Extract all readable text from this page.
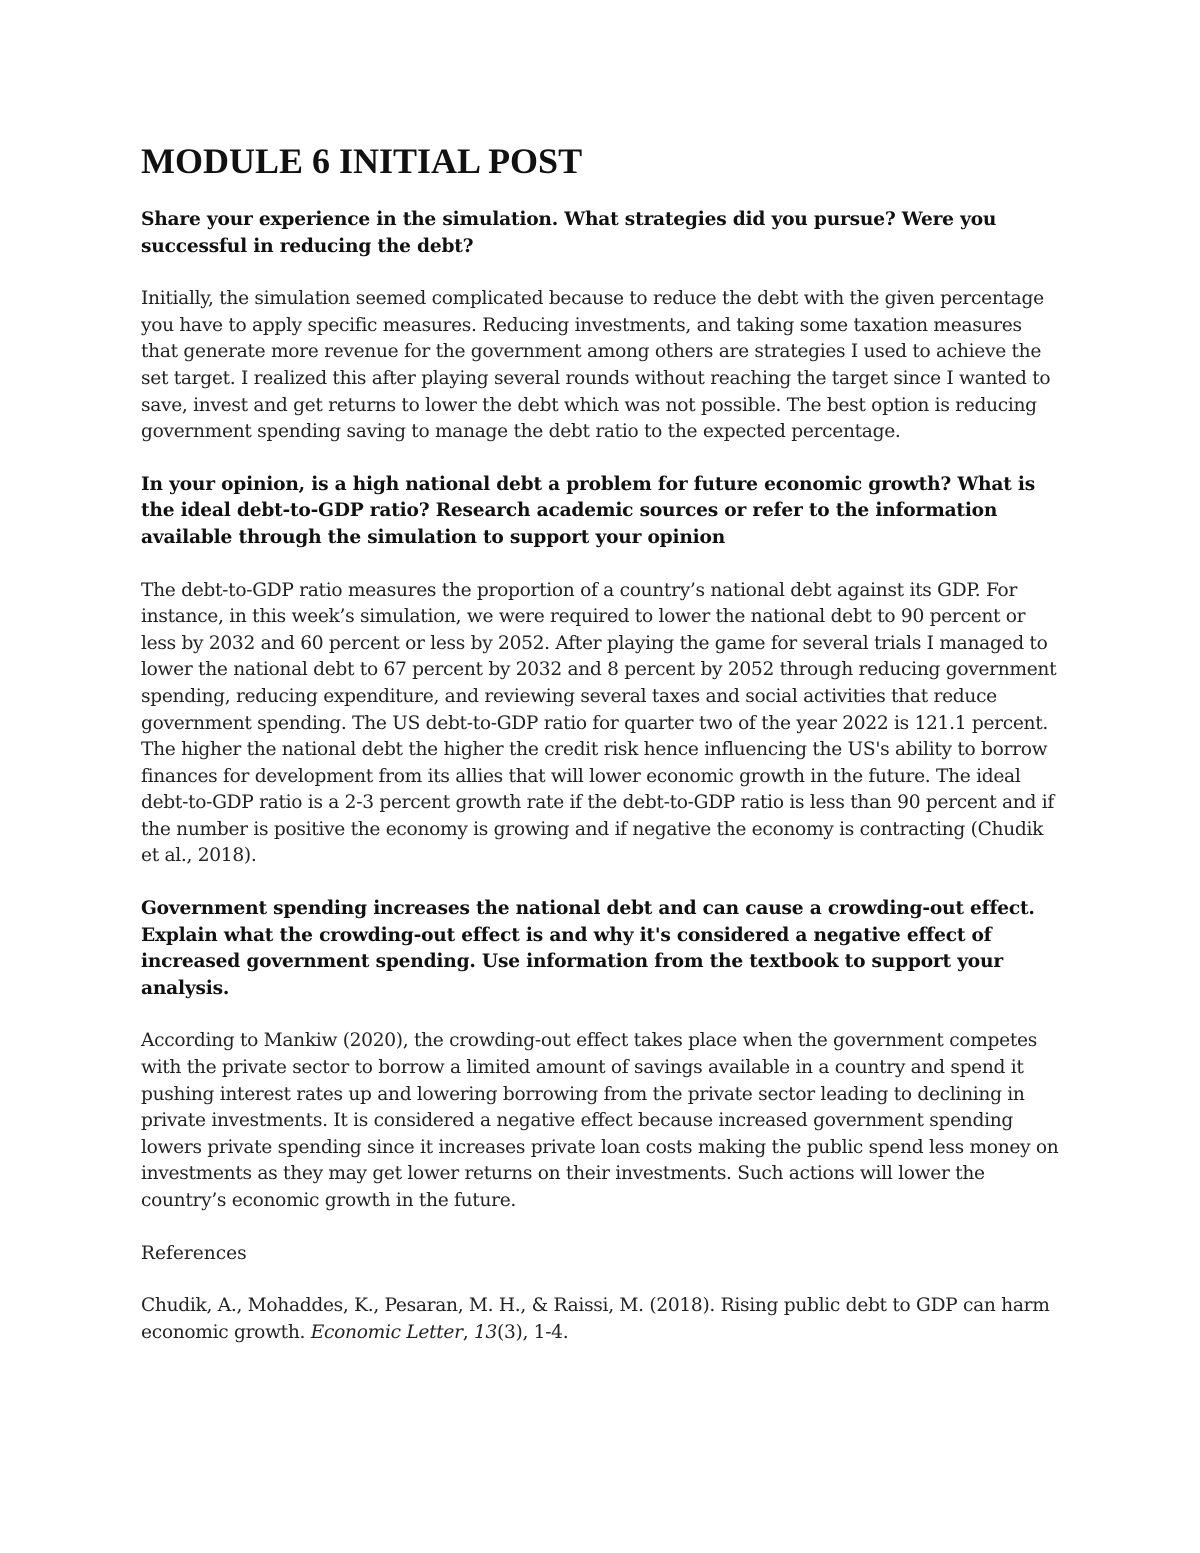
MODULE 6 INITIAL POST

Share your experience in the simulation. What strategies did you pursue? Were you successful in reducing the debt?

Initially, the simulation seemed complicated because to reduce the debt with the given percentage you have to apply specific measures. Reducing investments, and taking some taxation measures that generate more revenue for the government among others are strategies I used to achieve the set target. I realized this after playing several rounds without reaching the target since I wanted to save, invest and get returns to lower the debt which was not possible. The best option is reducing government spending saving to manage the debt ratio to the expected percentage.

In your opinion, is a high national debt a problem for future economic growth? What is the ideal debt-to-GDP ratio? Research academic sources or refer to the information available through the simulation to support your opinion

The debt-to-GDP ratio measures the proportion of a country’s national debt against its GDP. For instance, in this week’s simulation, we were required to lower the national debt to 90 percent or less by 2032 and 60 percent or less by 2052. After playing the game for several trials I managed to lower the national debt to 67 percent by 2032 and 8 percent by 2052 through reducing government spending, reducing expenditure, and reviewing several taxes and social activities that reduce government spending. The US debt-to-GDP ratio for quarter two of the year 2022 is 121.1 percent. The higher the national debt the higher the credit risk hence influencing the US's ability to borrow finances for development from its allies that will lower economic growth in the future. The ideal debt-to-GDP ratio is a 2-3 percent growth rate if the debt-to-GDP ratio is less than 90 percent and if the number is positive the economy is growing and if negative the economy is contracting (Chudik et al., 2018).

Government spending increases the national debt and can cause a crowding-out effect. Explain what the crowding-out effect is and why it's considered a negative effect of increased government spending. Use information from the textbook to support your analysis.

According to Mankiw (2020), the crowding-out effect takes place when the government competes with the private sector to borrow a limited amount of savings available in a country and spend it pushing interest rates up and lowering borrowing from the private sector leading to declining in private investments. It is considered a negative effect because increased government spending lowers private spending since it increases private loan costs making the public spend less money on investments as they may get lower returns on their investments. Such actions will lower the country’s economic growth in the future.

References

Chudik, A., Mohaddes, K., Pesaran, M. H., & Raissi, M. (2018). Rising public debt to GDP can harm economic growth. Economic Letter, 13(3), 1-4.
